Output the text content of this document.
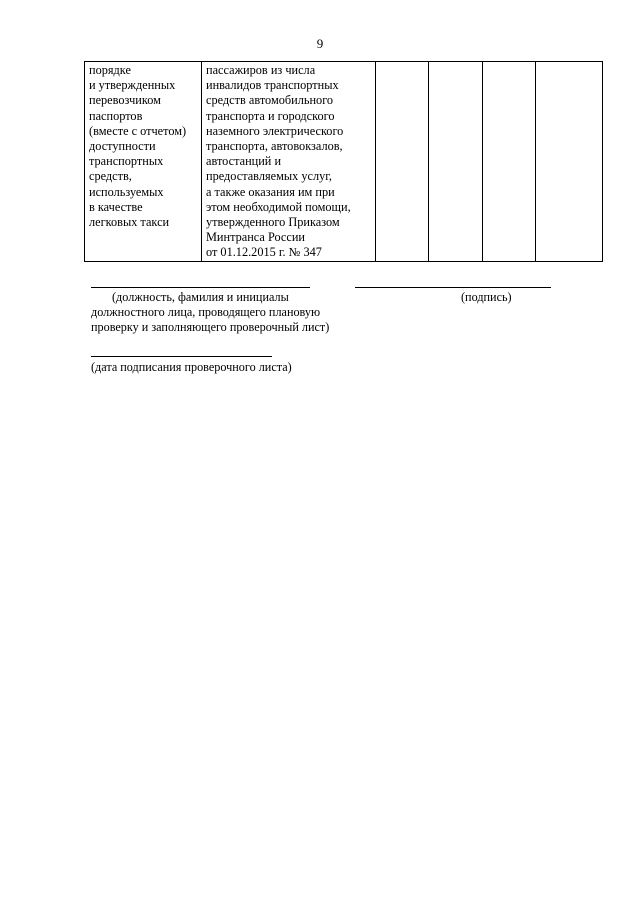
9
порядке
и утвержденных
перевозчиком
паспортов
(вместе с отчетом)
доступности
транспортных
средств,
используемых
в качестве
легковых такси

пассажиров из числа
инвалидов транспортных
средств автомобильного
транспорта и городского
наземного электрического
транспорта, автовокзалов,
автостанций и
предоставляемых услуг,
а также оказания им при
этом необходимой помощи,
утвержденного Приказом
Минтранса России
от 01.12.2015 г. № 347

(должность, фамилия и инициалы
должностного лица, проводящего плановую
проверку и заполняющего проверочный лист)
(подпись)
(дата подписания проверочного листа)
